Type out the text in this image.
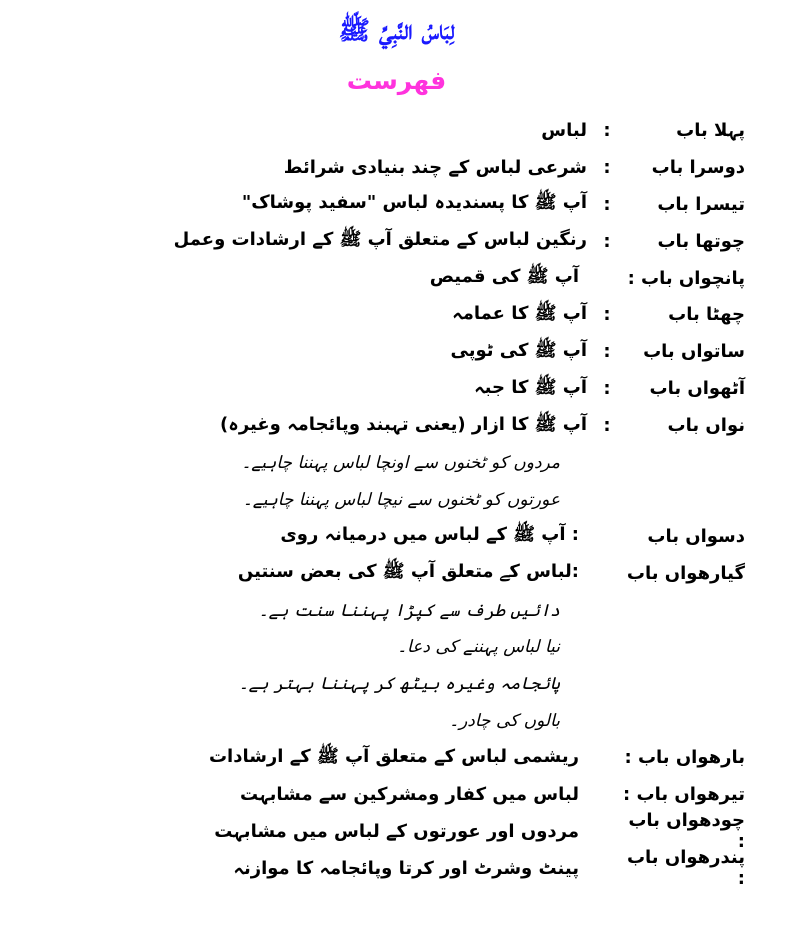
لِبَاسُ النَّبِيِّ ﷺ
فهرست
پہلا باب
:
لباس
دوسرا باب
:
شرعی لباس کے چند بنیادی شرائط
تیسرا باب
:
آپ ﷺ کا پسندیدہ لباس "سفید پوشاک"
چوتھا باب
:
رنگین لباس کے متعلق آپ ﷺ کے ارشادات وعمل
پانچواں باب :
آپ ﷺ کی قمیص
چھٹا باب
:
آپ ﷺ کا عمامہ
ساتواں باب
:
آپ ﷺ کی ٹوپی
آٹھواں باب
:
آپ ﷺ کا جبہ
نواں باب
:
آپ ﷺ کا ازار (یعنی تہبند وپائجامہ وغیرہ)
مردوں کو ٹخنوں سے اونچا لباس پہننا چاہیے۔
عورتوں کو ٹخنوں سے نیچا لباس پہننا چاہیے۔
دسواں باب
: آپ ﷺ کے لباس میں درمیانہ روی
گیارھواں باب
:لباس کے متعلق آپ ﷺ کی بعض سنتیں
دائیں طرف سے کپڑا پہننا سنت ہے۔
نیا لباس پہننے کی دعا۔
پائجامہ وغیرہ بیٹھ کر پہننا بہتر ہے۔
بالوں کی چادر۔
بارھواں باب :
ریشمی لباس کے متعلق آپ ﷺ کے ارشادات
تیرھواں باب :
لباس میں کفار ومشرکین سے مشابہت
چودھواں باب :
مردوں اور عورتوں کے لباس میں مشابہت
پندرھواں باب :
پینٹ وشرٹ اور کرتا وپائجامہ کا موازنہ
